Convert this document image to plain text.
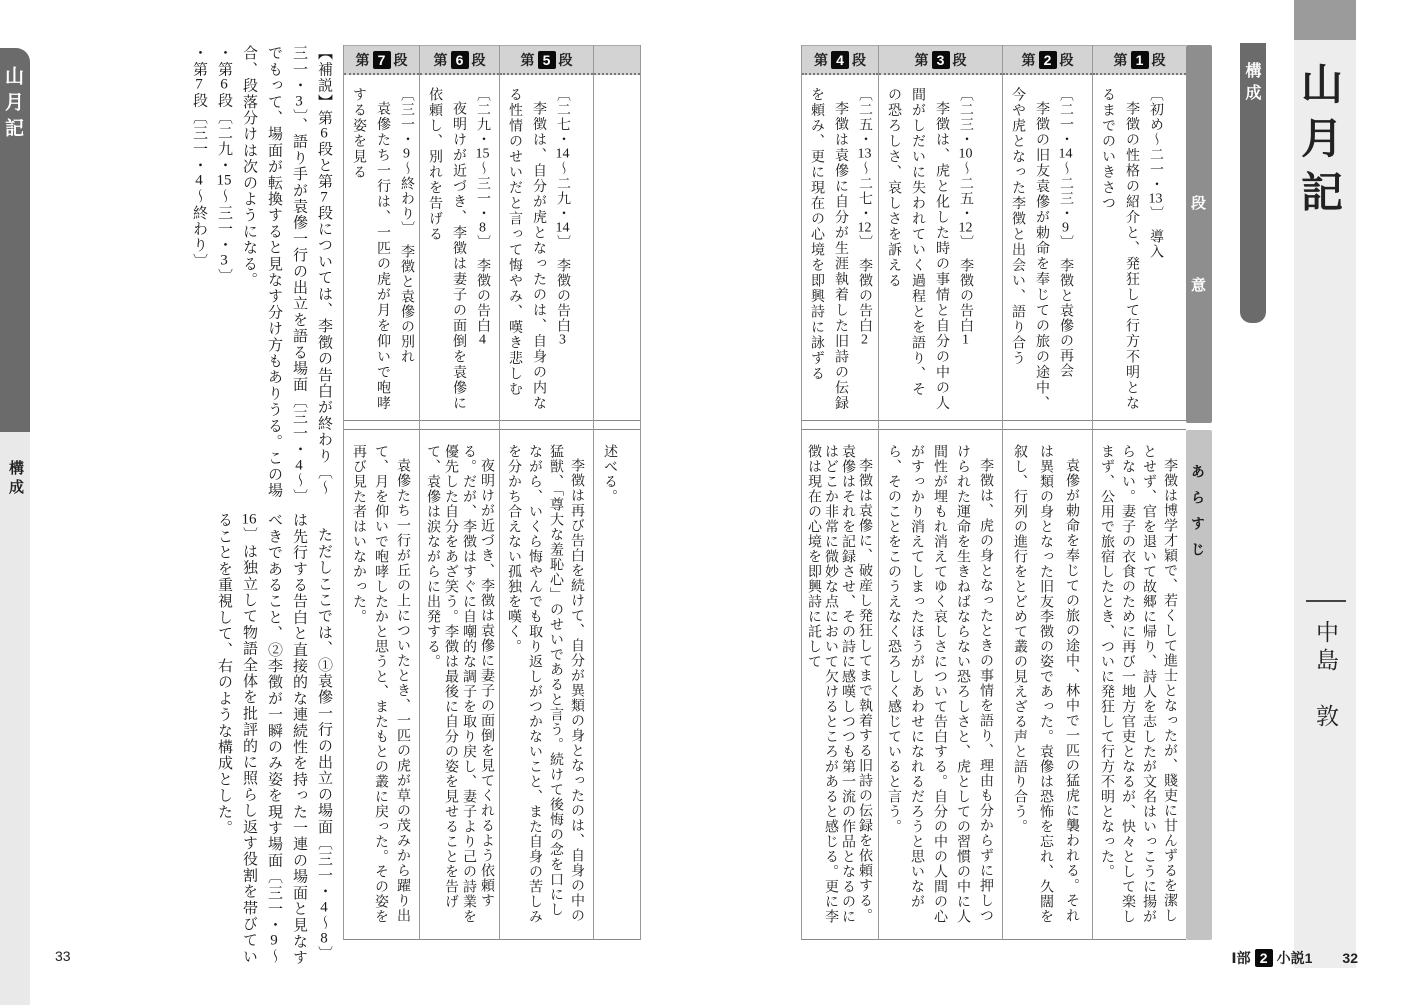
山月記
構成
山月記
中島　敦
構成
段　意
あらすじ
第 1 段
〔初め〜二一・13〕　導入
李徴の性格の紹介と、発狂して行方不明となるまでのいきさつ
李徴は博学才穎で、若くして進士となったが、賤吏に甘んずるを潔しとせず、官を退いて故郷に帰り、詩人を志したが文名はいっこうに揚がらない。妻子の衣食のために再び一地方官吏となるが、快々として楽しまず、公用で旅宿したとき、ついに発狂して行方不明となった。
第 2 段
〔二一・14〜二三・9〕　李徴と袁傪の再会
李徴の旧友袁傪が勅命を奉じての旅の途中、今や虎となった李徴と出会い、語り合う
袁傪が勅命を奉じての旅の途中、林中で一匹の猛虎に襲われる。それは異類の身となった旧友李徴の姿であった。袁傪は恐怖を忘れ、久闊を叙し、行列の進行をとどめて叢の見えざる声と語り合う。
第 3 段
〔二三・10〜二五・12〕　李徴の告白1
李徴は、虎と化した時の事情と自分の中の人間がしだいに失われていく過程とを語り、その恐ろしさ、哀しさを訴える
李徴は、虎の身となったときの事情を語り、理由も分からずに押しつけられた運命を生きねばならない恐ろしさと、虎としての習慣の中に人間性が埋もれ消えてゆく哀しさについて告白する。自分の中の人間の心がすっかり消えてしまったほうがしあわせになれるだろうと思いながら、そのことをこのうえなく恐ろしく感じていると言う。
第 4 段
〔二五・13〜二七・12〕　李徴の告白2
李徴は袁傪に自分が生涯執着した旧詩の伝録を頼み、更に現在の心境を即興詩に詠ずる
李徴は袁傪に、破産し発狂してまで執着する旧詩の伝録を依頼する。袁傪はそれを記録させ、その詩に感嘆しつつも第一流の作品となるのにはどこか非常に微妙な点において欠けるところがあると感じる。更に李徴は現在の心境を即興詩に託して
述べる。
第 5 段
〔二七・14〜二九・14〕　李徴の告白3
李徴は、自分が虎となったのは、自身の内なる性情のせいだと言って悔やみ、嘆き悲しむ
李徴は再び告白を続けて、自分が異類の身となったのは、自身の中の猛獣、「尊大な羞恥心」のせいであると言う。続けて後悔の念を口にしながら、いくら悔やんでも取り返しがつかないこと、また自身の苦しみを分かち合えない孤独を嘆く。
第 6 段
〔二九・15〜三一・8〕　李徴の告白4
夜明けが近づき、李徴は妻子の面倒を袁傪に依頼し、別れを告げる
夜明けが近づき、李徴は袁傪に妻子の面倒を見てくれるよう依頼する。だが、李徴はすぐに自嘲的な調子を取り戻し、妻子より己の詩業を優先した自分をあざ笑う。李徴は最後に自分の姿を見せることを告げて、袁傪は涙ながらに出発する。
第 7 段
〔三一・9〜終わり〕　李徴と袁傪の別れ
袁傪たち一行は、一匹の虎が月を仰いで咆哮する姿を見る
袁傪たち一行が丘の上についたとき、一匹の虎が草の茂みから躍り出て、月を仰いで咆哮したかと思うと、またもとの叢に戻った。その姿を再び見た者はいなかった。
【補説】第6段と第7段については、李徴の告白が終わり〔〜三一・3〕、語り手が袁傪一行の出立を語る場面〔三一・4〜〕でもって、場面が転換すると見なす分け方もありうる。この場合、段落分けは次のようになる。
・第6段〔二九・15〜三一・3〕
・第7段〔三一・4〜終わり〕
ただしここでは、①袁傪一行の出立の場面〔三一・4〜8〕は先行する告白と直接的な連続性を持った一連の場面と見なすべきであること、②李徴が一瞬のみ姿を現す場面〔三一・9〜16〕は独立して物語全体を批評的に照らし返す役割を帯びていることを重視して、右のような構成とした。
33	Ⅰ部 2 小説1 32
